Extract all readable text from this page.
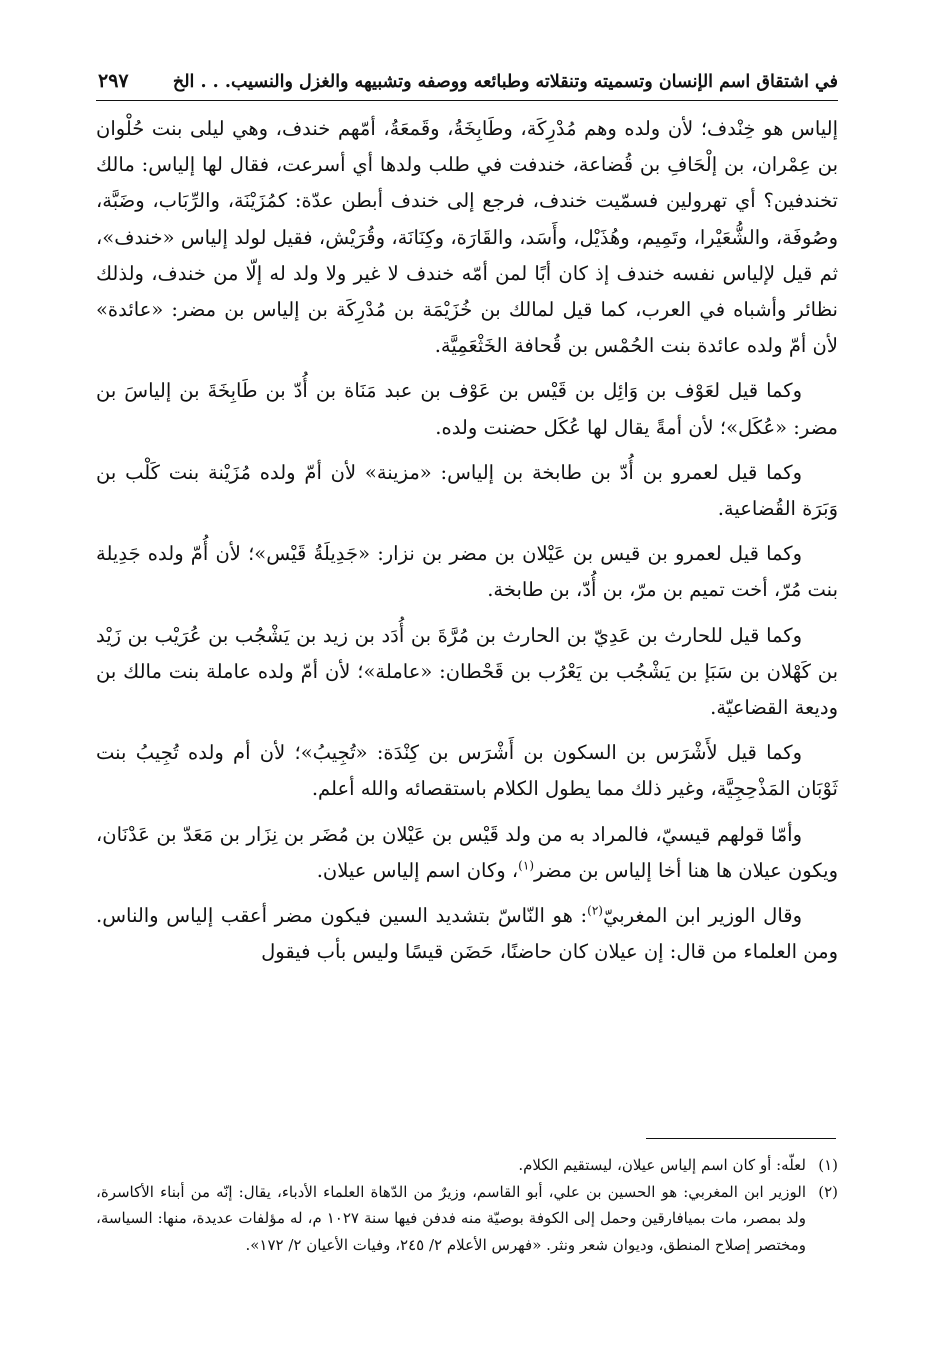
في اشتقاق اسم الإنسان وتسميته وتنقلاته وطبائعه ووصفه وتشبيهه والغزل والنسيب. . . الخ
٢٩٧

إلياس هو خِنْدف؛ لأن ولده وهم مُدْرِكَة، وطَابِخَةُ، وقَمعَةُ، أمّهم خندف، وهي ليلى بنت حُلْوان بن عِمْران، بن إلْحَافِ بن قُضاعة، خندفت في طلب ولدها أي أسرعت، فقال لها إلياس: مالك تخندفين؟ أي تهرولين فسمّيت خندف، فرجع إلى خندف أبطن عدّة: كمُزَيْنَة، والرِّبَاب، وضَبَّة، وصُوفَة، والشُّعَيْرا، وتَمِيم، وهُذَيْل، وأَسَد، والقَارَة، وكِنَانَة، وقُرَيْش، فقيل لولد إلياس «خندف»، ثم قيل لإلياس نفسه خندف إذ كان أبًا لمن أمّه خندف لا غير ولا ولد له إلّا من خندف، ولذلك نظائر وأشباه في العرب، كما قيل لمالك بن خُزَيْمَة بن مُدْرِكَة بن إلياس بن مضر: «عائدة» لأن أمّ ولده عائدة بنت الحُمْس بن قُحافة الخَثْعَمِيَّة.

وكما قيل لعَوْف بن وَائِل بن قَيْس بن عَوْف بن عبد مَنَاة بن أُدّ بن طَابِخَةَ بن إلياسَ بن مضر: «عُكَل»؛ لأن أمةً يقال لها عُكَل حضنت ولده.

وكما قيل لعمرو بن أُدّ بن طابخة بن إلياس: «مزينة» لأن أمّ ولده مُزَيْنة بنت كَلْب بن وَبَرَة القُضاعية.

وكما قيل لعمرو بن قيس بن عَيْلان بن مضر بن نزار: «جَدِيلَةُ قَيْس»؛ لأن أُمّ ولده جَدِيلة بنت مُرّ، أخت تميم بن مرّ، بن أُدّ، بن طابخة.

وكما قيل للحارث بن عَدِيّ بن الحارث بن مُرَّةَ بن أُدَد بن زيد بن يَشْجُب بن عُرَيْب بن زَيْد بن كَهْلان بن سَبَإ بن يَشْجُب بن يَعْرُب بن قَحْطان: «عاملة»؛ لأن أمّ ولده عاملة بنت مالك بن وديعة القضاعيّة.

وكما قيل لأَشْرَس بن السكون بن أَشْرَس بن كِنْدَة: «تُجِيبُ»؛ لأن أم ولده تُجِيبُ بنت ثَوْبَان المَذْحِجِيَّة، وغير ذلك مما يطول الكلام باستقصائه والله أعلم.

وأمّا قولهم قيسيّ، فالمراد به من ولد قَيْس بن عَيْلان بن مُضَر بن نِزَار بن مَعَدّ بن عَدْنَان، ويكون عيلان ها هنا أخا إلياس بن مضر$^{(١)}$، وكان اسم إلياس عيلان.

وقال الوزير ابن المغربيّ$^{(٢)}$: هو النّاسّ بتشديد السين فيكون مضر أعقب إلياس والناس. ومن العلماء من قال: إن عيلان كان حاضنًا، حَضَن قيسًا وليس بأب فيقول

(١)
لعلّه: أو كان اسم إلياس عيلان، ليستقيم الكلام.

(٢)
الوزير ابن المغربي: هو الحسين بن علي، أبو القاسم، وزيرٌ من الدّهاة العلماء الأدباء، يقال: إنّه من أبناء الأكاسرة، ولد بمصر، مات بميافارقين وحمل إلى الكوفة بوصيّة منه فدفن فيها سنة ١٠٢٧ م، له مؤلفات عديدة، منها: السياسة، ومختصر إصلاح المنطق، وديوان شعر ونثر. «فهرس الأعلام ٢/ ٢٤٥، وفيات الأعيان ٢/ ١٧٢».
